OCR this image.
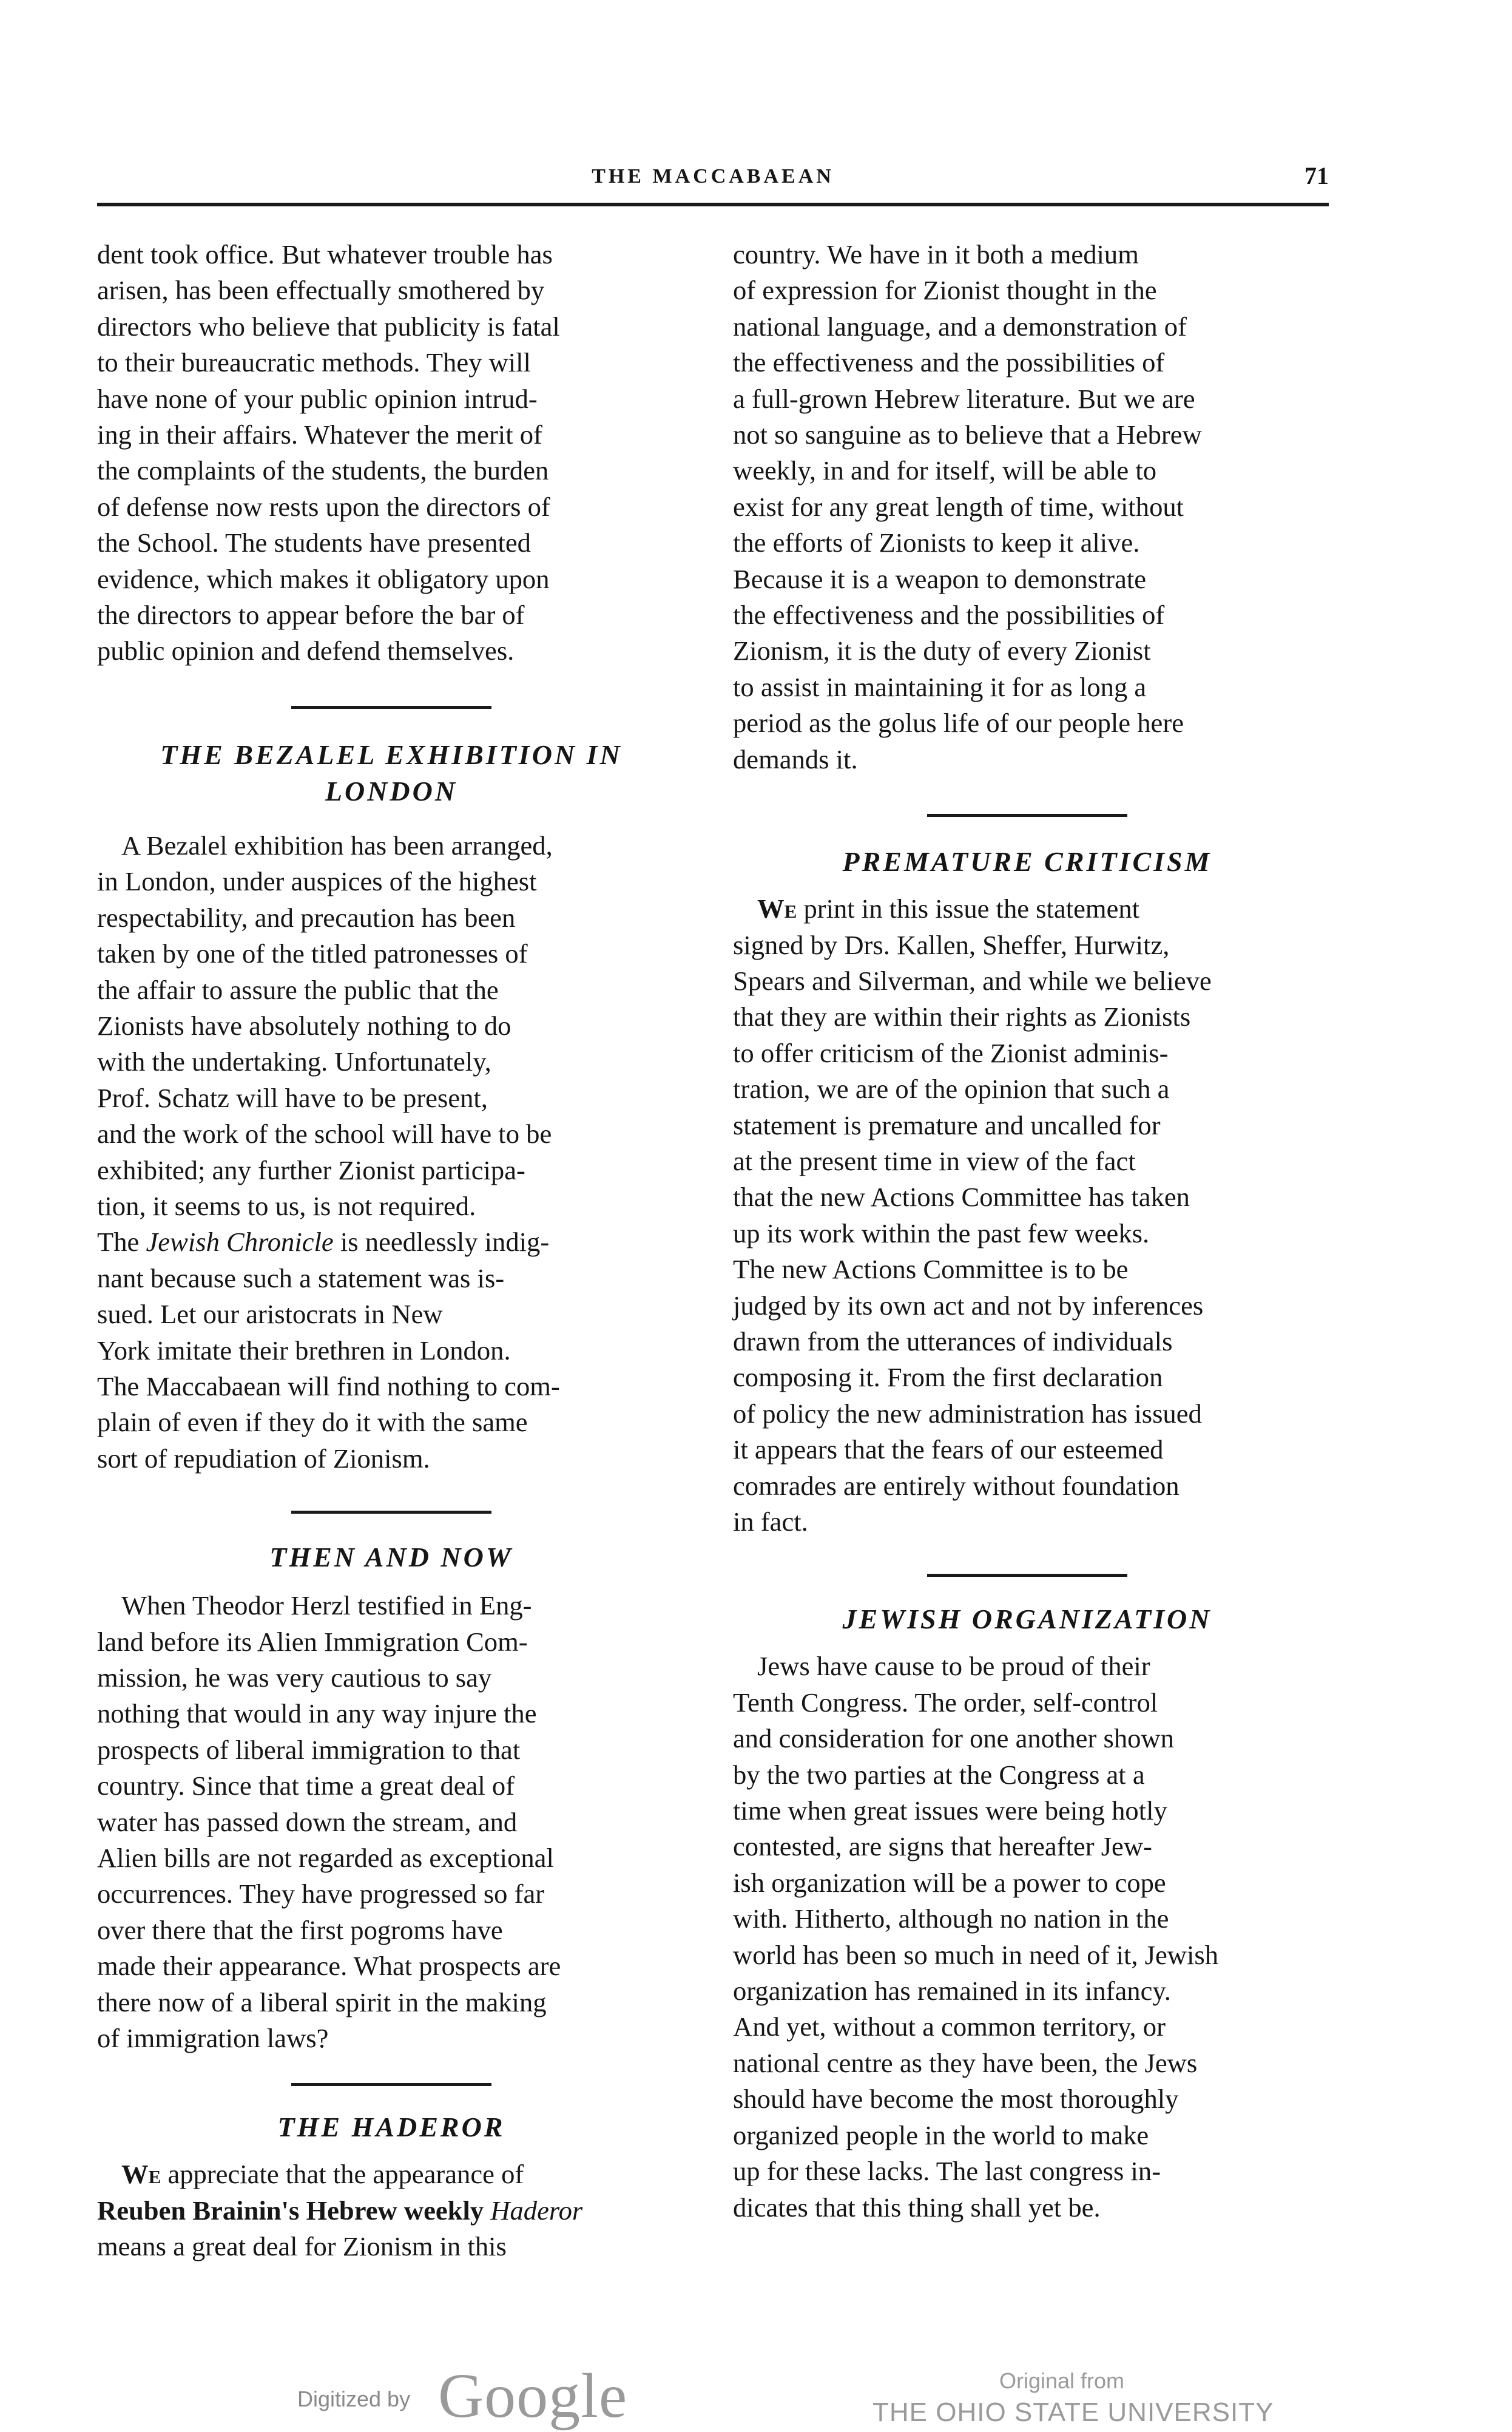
THE MACCABAEAN	71

dent took office. But whatever trouble has
arisen, has been effectually smothered by
directors who believe that publicity is fatal
to their bureaucratic methods. They will
have none of your public opinion intrud-
ing in their affairs. Whatever the merit of
the complaints of the students, the burden
of defense now rests upon the directors of
the School. The students have presented
evidence, which makes it obligatory upon
the directors to appear before the bar of
public opinion and defend themselves.

THE BEZALEL EXHIBITION IN
LONDON

A Bezalel exhibition has been arranged,
in London, under auspices of the highest
respectability, and precaution has been
taken by one of the titled patronesses of
the affair to assure the public that the
Zionists have absolutely nothing to do
with the undertaking. Unfortunately,
Prof. Schatz will have to be present,
and the work of the school will have to be
exhibited; any further Zionist participa-
tion, it seems to us, is not required.
The Jewish Chronicle is needlessly indig-
nant because such a statement was is-
sued. Let our aristocrats in New
York imitate their brethren in London.
The Maccabaean will find nothing to com-
plain of even if they do it with the same
sort of repudiation of Zionism.

THEN AND NOW

When Theodor Herzl testified in Eng-
land before its Alien Immigration Com-
mission, he was very cautious to say
nothing that would in any way injure the
prospects of liberal immigration to that
country. Since that time a great deal of
water has passed down the stream, and
Alien bills are not regarded as exceptional
occurrences. They have progressed so far
over there that the first pogroms have
made their appearance. What prospects are
there now of a liberal spirit in the making
of immigration laws?

THE HADEROR

We appreciate that the appearance of
Reuben Brainin's Hebrew weekly Haderor
means a great deal for Zionism in this

country. We have in it both a medium
of expression for Zionist thought in the
national language, and a demonstration of
the effectiveness and the possibilities of
a full-grown Hebrew literature. But we are
not so sanguine as to believe that a Hebrew
weekly, in and for itself, will be able to
exist for any great length of time, without
the efforts of Zionists to keep it alive.
Because it is a weapon to demonstrate
the effectiveness and the possibilities of
Zionism, it is the duty of every Zionist
to assist in maintaining it for as long a
period as the golus life of our people here
demands it.

PREMATURE CRITICISM

We print in this issue the statement
signed by Drs. Kallen, Sheffer, Hurwitz,
Spears and Silverman, and while we believe
that they are within their rights as Zionists
to offer criticism of the Zionist adminis-
tration, we are of the opinion that such a
statement is premature and uncalled for
at the present time in view of the fact
that the new Actions Committee has taken
up its work within the past few weeks.
The new Actions Committee is to be
judged by its own act and not by inferences
drawn from the utterances of individuals
composing it. From the first declaration
of policy the new administration has issued
it appears that the fears of our esteemed
comrades are entirely without foundation
in fact.

JEWISH ORGANIZATION

Jews have cause to be proud of their
Tenth Congress. The order, self-control
and consideration for one another shown
by the two parties at the Congress at a
time when great issues were being hotly
contested, are signs that hereafter Jew-
ish organization will be a power to cope
with. Hitherto, although no nation in the
world has been so much in need of it, Jewish
organization has remained in its infancy.
And yet, without a common territory, or
national centre as they have been, the Jews
should have become the most thoroughly
organized people in the world to make
up for these lacks. The last congress in-
dicates that this thing shall yet be.

Digitized by Google	Original from
THE OHIO STATE UNIVERSITY
